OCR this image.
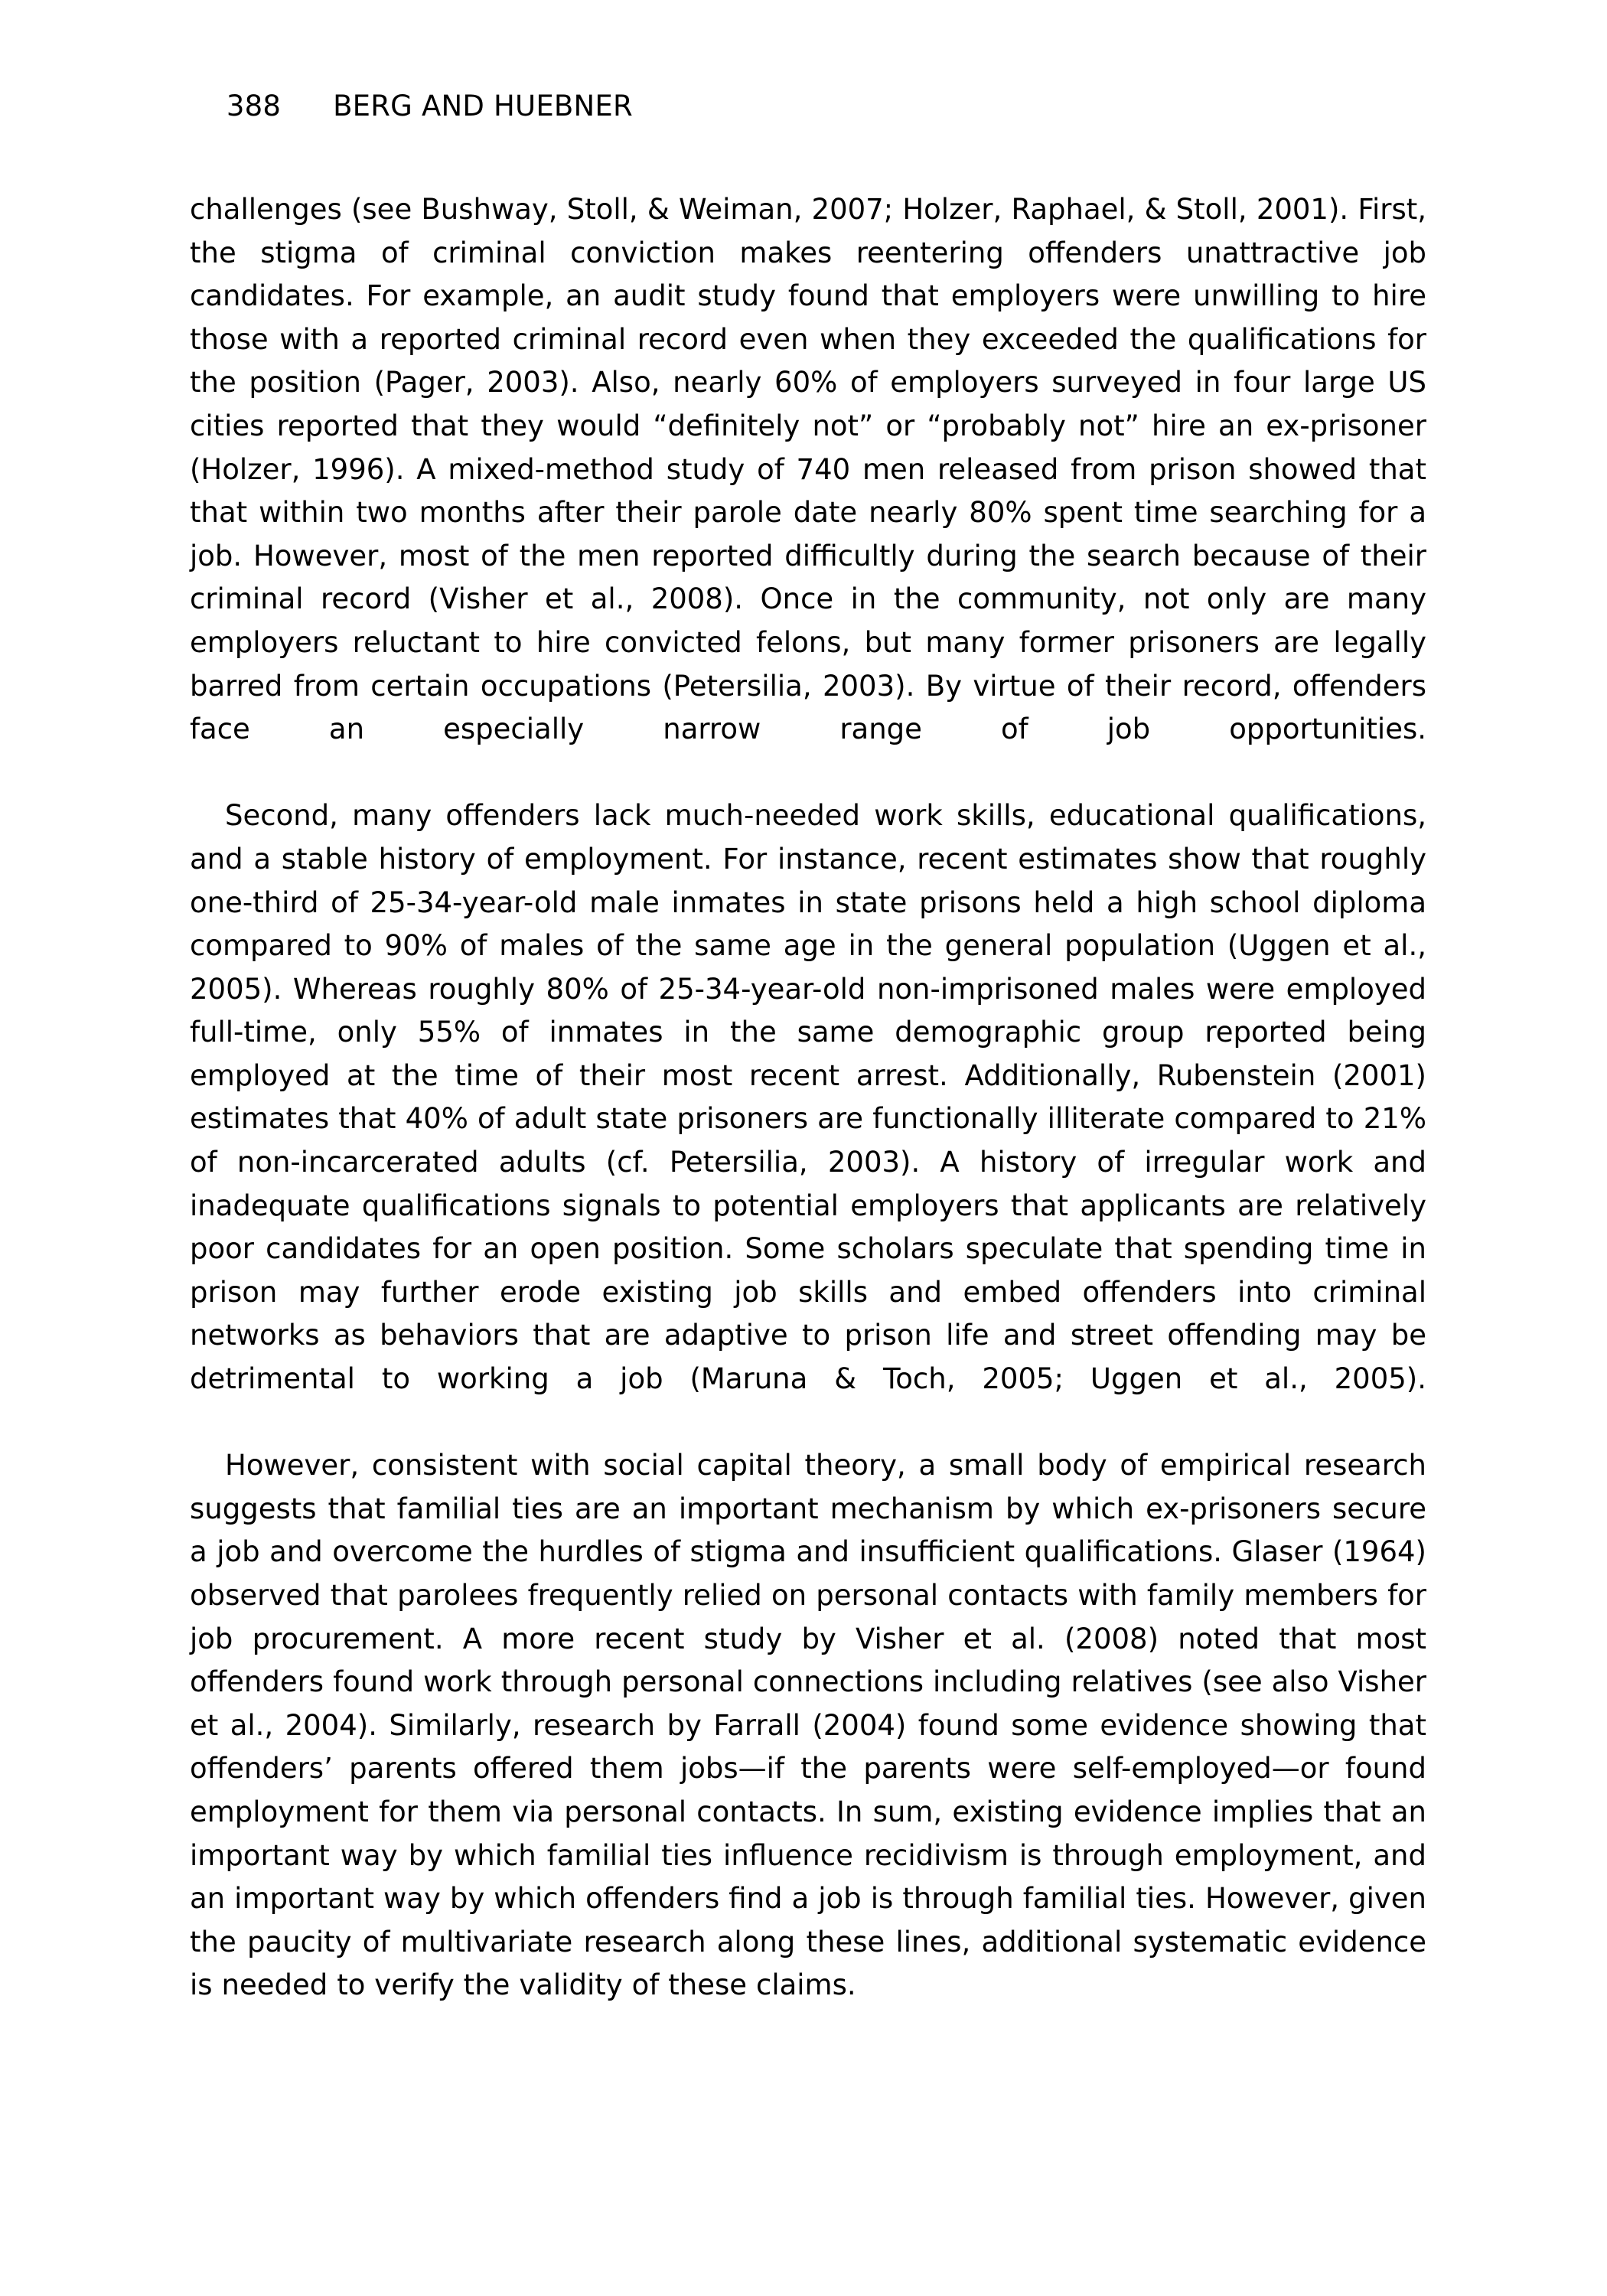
388 BERG AND HUEBNER

challenges (see Bushway, Stoll, & Weiman, 2007; Holzer, Raphael, & Stoll, 2001). First, the stigma of criminal conviction makes reentering offenders unattractive job candidates. For example, an audit study found that employers were unwilling to hire those with a reported criminal record even when they exceeded the qualifications for the position (Pager, 2003). Also, nearly 60% of employers surveyed in four large US cities reported that they would “definitely not” or “probably not” hire an ex-prisoner (Holzer, 1996). A mixed-method study of 740 men released from prison showed that that within two months after their parole date nearly 80% spent time searching for a job. However, most of the men reported difficultly during the search because of their criminal record (Visher et al., 2008). Once in the community, not only are many employers reluctant to hire convicted felons, but many former prisoners are legally barred from certain occupations (Petersilia, 2003). By virtue of their record, offenders face an especially narrow range of job opportunities.

Second, many offenders lack much-needed work skills, educational qualifications, and a stable history of employment. For instance, recent estimates show that roughly one-third of 25-34-year-old male inmates in state prisons held a high school diploma compared to 90% of males of the same age in the general population (Uggen et al., 2005). Whereas roughly 80% of 25-34-year-old non-imprisoned males were employed full-time, only 55% of inmates in the same demographic group reported being employed at the time of their most recent arrest. Additionally, Rubenstein (2001) estimates that 40% of adult state prisoners are functionally illiterate compared to 21% of non-incarcerated adults (cf. Petersilia, 2003). A history of irregular work and inadequate qualifications signals to potential employers that applicants are relatively poor candidates for an open position. Some scholars speculate that spending time in prison may further erode existing job skills and embed offenders into criminal networks as behaviors that are adaptive to prison life and street offending may be detrimental to working a job (Maruna & Toch, 2005; Uggen et al., 2005).

However, consistent with social capital theory, a small body of empirical research suggests that familial ties are an important mechanism by which ex-prisoners secure a job and overcome the hurdles of stigma and insufficient qualifications. Glaser (1964) observed that parolees frequently relied on personal contacts with family members for job procurement. A more recent study by Visher et al. (2008) noted that most offenders found work through personal connections including relatives (see also Visher et al., 2004). Similarly, research by Farrall (2004) found some evidence showing that offenders’ parents offered them jobs—if the parents were self-employed—or found employment for them via personal contacts. In sum, existing evidence implies that an important way by which familial ties influence recidivism is through employment, and an important way by which offenders find a job is through familial ties. However, given the paucity of multivariate research along these lines, additional systematic evidence is needed to verify the validity of these claims.
